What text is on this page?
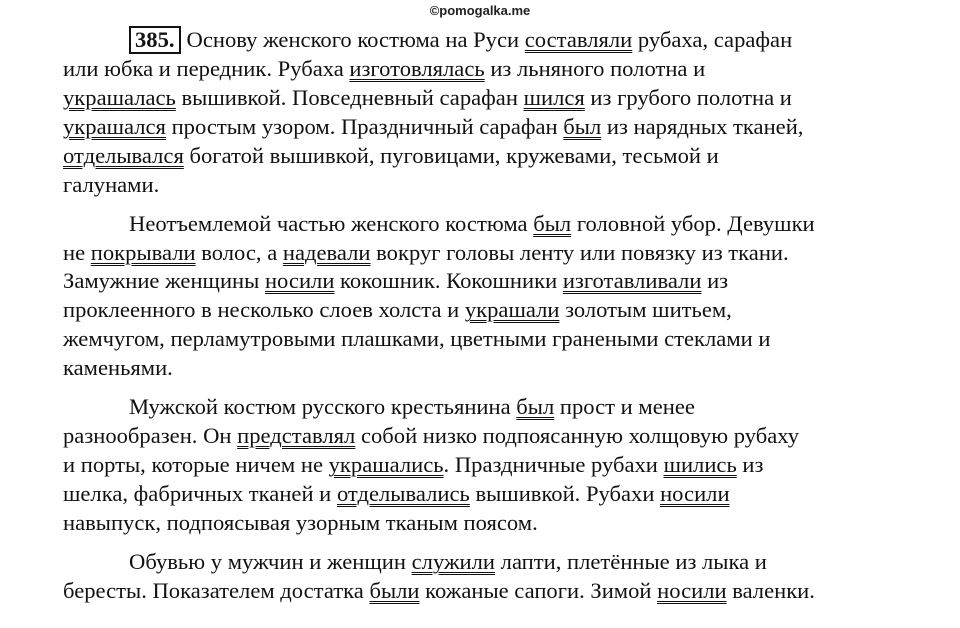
©pomogalka.me
385. Основу женского костюма на Руси составляли рубаха, сарафан
или юбка и передник. Рубаха изготовлялась из льняного полотна и
украшалась вышивкой. Повседневный сарафан шился из грубого полотна и
украшался простым узором. Праздничный сарафан был из нарядных тканей,
отделывался богатой вышивкой, пуговицами, кружевами, тесьмой и
галунами.
Неотъемлемой частью женского костюма был головной убор. Девушки
не покрывали волос, а надевали вокруг головы ленту или повязку из ткани.
Замужние женщины носили кокошник. Кокошники изготавливали из
проклеенного в несколько слоев холста и украшали золотым шитьем,
жемчугом, перламутровыми плашками, цветными гранеными стеклами и
каменьями.
Мужской костюм русского крестьянина был прост и менее
разнообразен. Он представлял собой низко подпоясанную холщовую рубаху
и порты, которые ничем не украшались. Праздничные рубахи шились из
шелка, фабричных тканей и отделывались вышивкой. Рубахи носили
навыпуск, подпоясывая узорным тканым поясом.
Обувью у мужчин и женщин служили лапти, плетённые из лыка и
бересты. Показателем достатка были кожаные сапоги. Зимой носили валенки.
